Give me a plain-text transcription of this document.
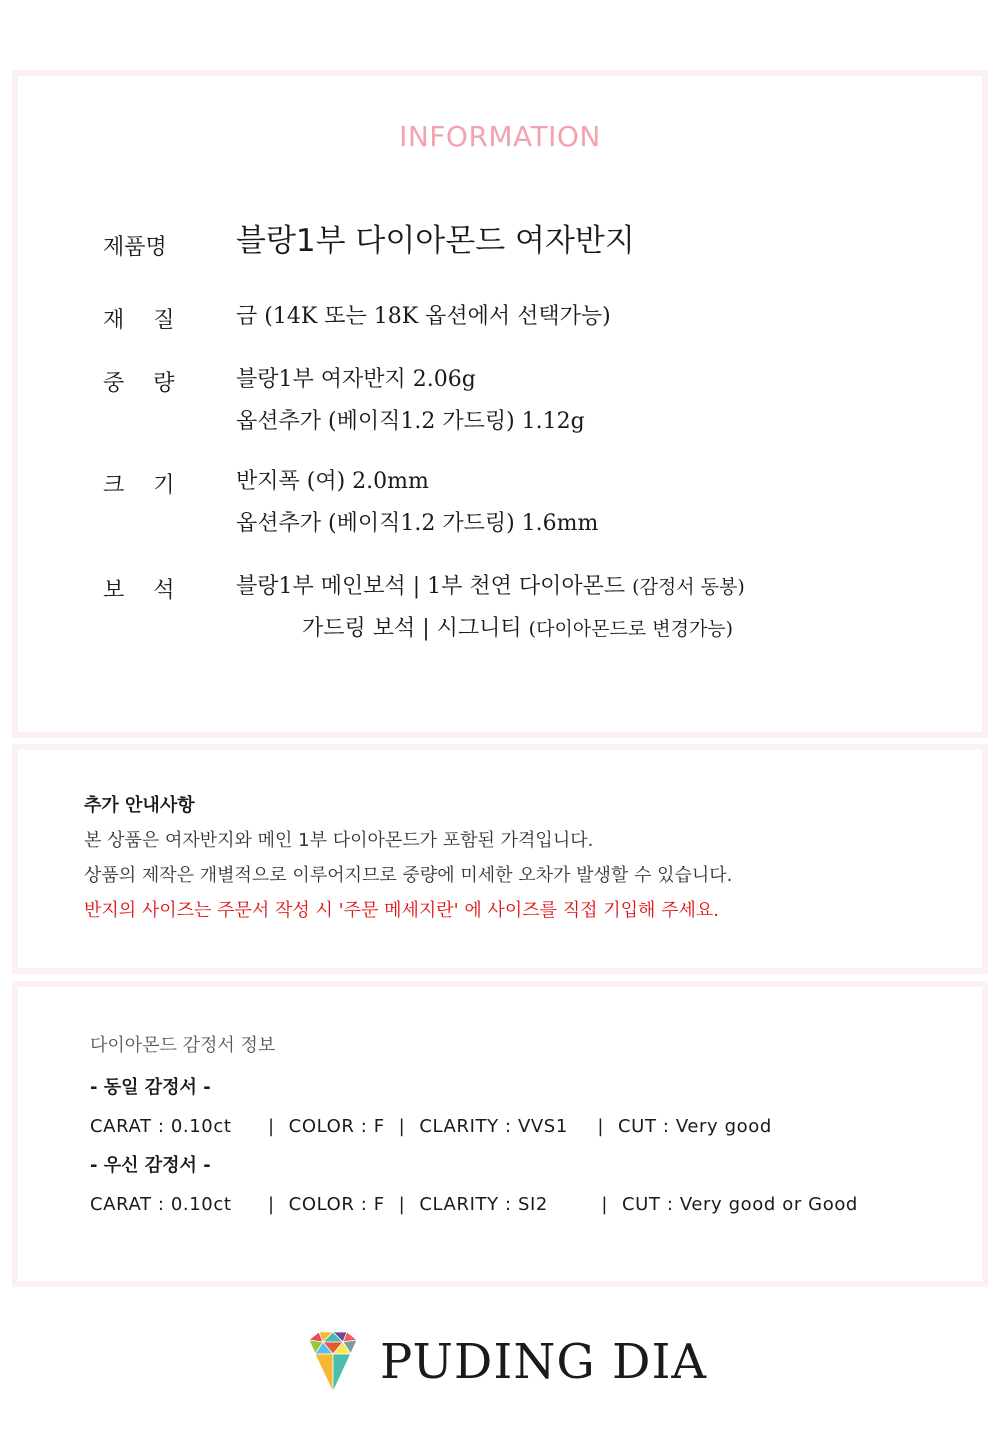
INFORMATION
제품명 블랑1부 다이아몬드 여자반지
재 질	금 (14K 또는 18K 옵션에서 선택가능)
중 량	블랑1부 여자반지 2.06g
옵션추가 (베이직1.2 가드링) 1.12g
크 기	반지폭 (여) 2.0mm
옵션추가 (베이직1.2 가드링) 1.6mm
보 석	블랑1부 메인보석 | 1부 천연 다이아몬드 (감정서 동봉)
가드링 보석 | 시그니티 (다이아몬드로 변경가능)
추가 안내사항
본 상품은 여자반지와 메인 1부 다이아몬드가 포함된 가격입니다.
상품의 제작은 개별적으로 이루어지므로 중량에 미세한 오차가 발생할 수 있습니다.
반지의 사이즈는 주문서 작성 시 '주문 메세지란' 에 사이즈를 직접 기입해 주세요.
다이아몬드 감정서 정보
- 동일 감정서 -
CARAT : 0.10ct | COLOR : F | CLARITY : VVS1 | CUT : Very good
- 우신 감정서 -
CARAT : 0.10ct | COLOR : F | CLARITY : SI2	| CUT : Very good or Good
PUDING DIA
